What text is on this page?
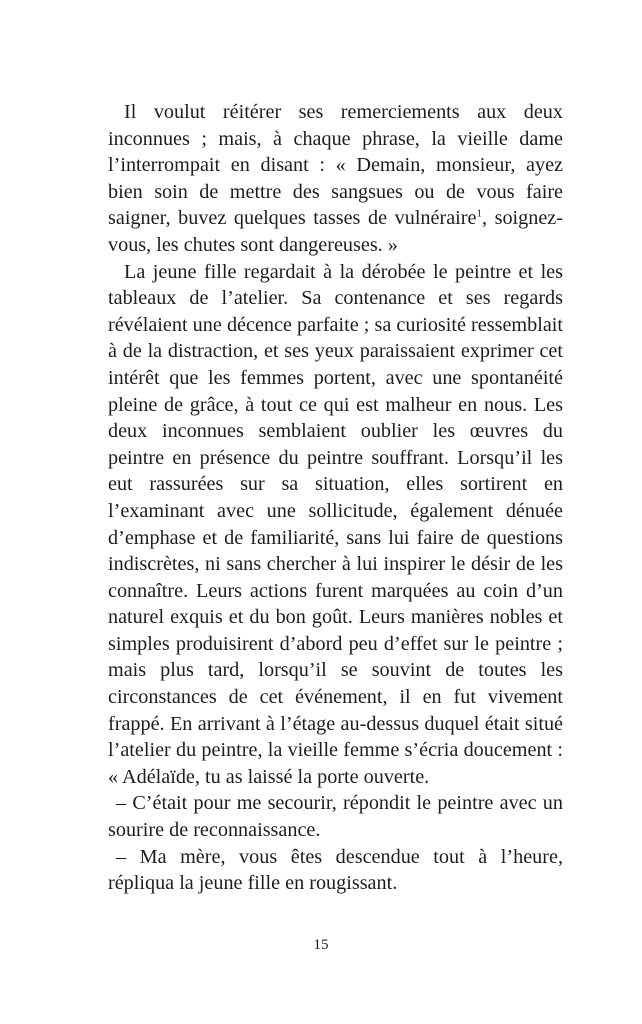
Il voulut réitérer ses remerciements aux deux inconnues ; mais, à chaque phrase, la vieille dame l’interrompait en disant : « Demain, monsieur, ayez bien soin de mettre des sangsues ou de vous faire saigner, buvez quelques tasses de vulnéraire$^1$, soignez-vous, les chutes sont dangereuses. »

La jeune fille regardait à la dérobée le peintre et les tableaux de l’atelier. Sa contenance et ses regards révélaient une décence parfaite ; sa curiosité ressemblait à de la distraction, et ses yeux paraissaient exprimer cet intérêt que les femmes portent, avec une spontanéité pleine de grâce, à tout ce qui est malheur en nous. Les deux inconnues semblaient oublier les œuvres du peintre en présence du peintre souffrant. Lorsqu’il les eut rassurées sur sa situation, elles sortirent en l’examinant avec une sollicitude, également dénuée d’emphase et de familiarité, sans lui faire de questions indiscrètes, ni sans chercher à lui inspirer le désir de les connaître. Leurs actions furent marquées au coin d’un naturel exquis et du bon goût. Leurs manières nobles et simples produisirent d’abord peu d’effet sur le peintre ; mais plus tard, lorsqu’il se souvint de toutes les circonstances de cet événement, il en fut vivement frappé. En arrivant à l’étage au-dessus duquel était situé l’atelier du peintre, la vieille femme s’écria doucement : « Adélaïde, tu as laissé la porte ouverte.

– C’était pour me secourir, répondit le peintre avec un sourire de reconnaissance.

– Ma mère, vous êtes descendue tout à l’heure, répliqua la jeune fille en rougissant.

15
